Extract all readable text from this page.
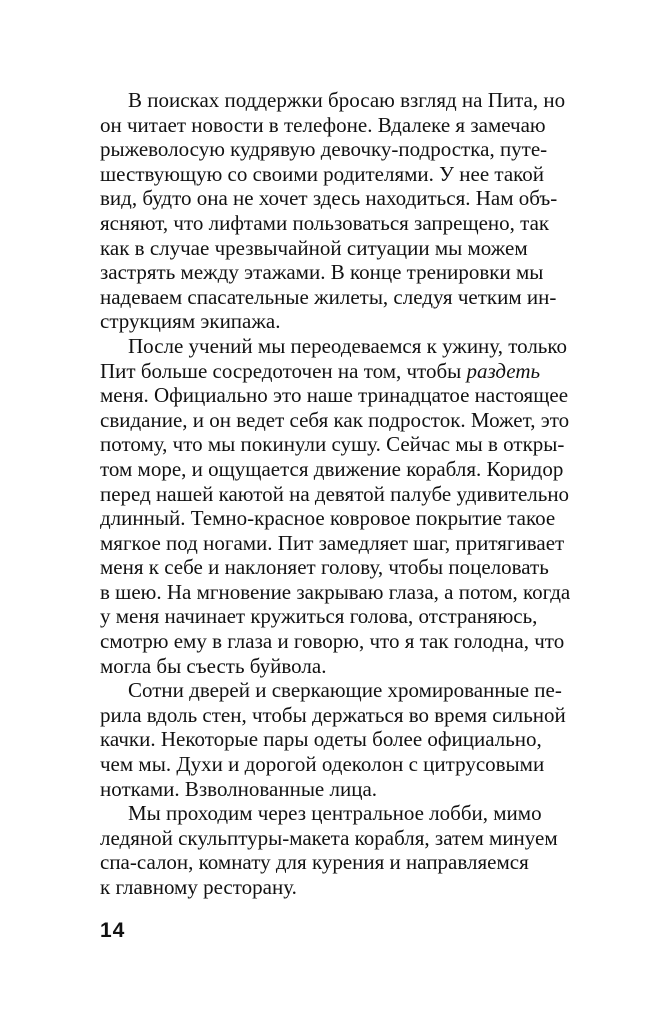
В поисках поддержки бросаю взгляд на Пита, но
он читает новости в телефоне. Вдалеке я замечаю
рыжеволосую кудрявую девочку-подростка, путе-
шествующую со своими родителями. У нее такой
вид, будто она не хочет здесь находиться. Нам объ-
ясняют, что лифтами пользоваться запрещено, так
как в случае чрезвычайной ситуации мы можем
застрять между этажами. В конце тренировки мы
надеваем спасательные жилеты, следуя четким ин-
струкциям экипажа.
После учений мы переодеваемся к ужину, только
Пит больше сосредоточен на том, чтобы раздеть
меня. Официально это наше тринадцатое настоящее
свидание, и он ведет себя как подросток. Может, это
потому, что мы покинули сушу. Сейчас мы в откры-
том море, и ощущается движение корабля. Коридор
перед нашей каютой на девятой палубе удивительно
длинный. Темно-красное ковровое покрытие такое
мягкое под ногами. Пит замедляет шаг, притягивает
меня к себе и наклоняет голову, чтобы поцеловать
в шею. На мгновение закрываю глаза, а потом, когда
у меня начинает кружиться голова, отстраняюсь,
смотрю ему в глаза и говорю, что я так голодна, что
могла бы съесть буйвола.
Сотни дверей и сверкающие хромированные пе-
рила вдоль стен, чтобы держаться во время сильной
качки. Некоторые пары одеты более официально,
чем мы. Духи и дорогой одеколон с цитрусовыми
нотками. Взволнованные лица.
Мы проходим через центральное лобби, мимо
ледяной скульптуры-макета корабля, затем минуем
спа-салон, комнату для курения и направляемся
к главному ресторану.
14
